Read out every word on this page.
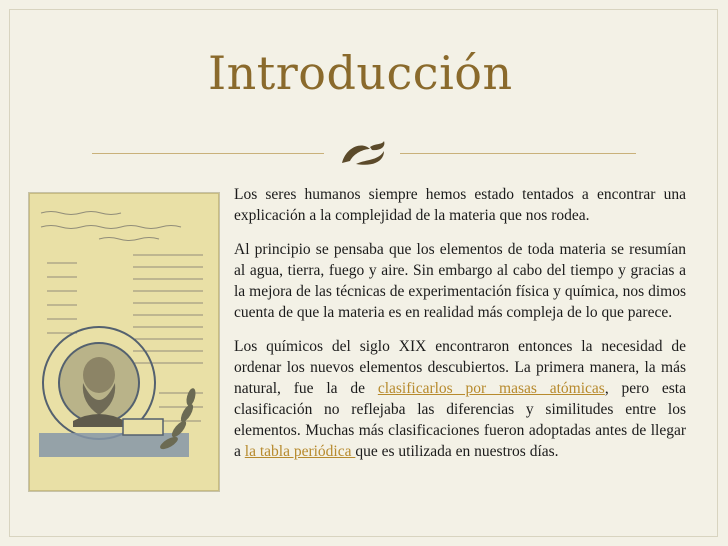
Introducción

Los seres humanos siempre hemos estado tentados a encontrar una explicación a la complejidad de la materia que nos rodea.

Al principio se pensaba que los elementos de toda materia se resumían al agua, tierra, fuego y aire. Sin embargo al cabo del tiempo y gracias a la mejora de las técnicas de experimentación física y química, nos dimos cuenta de que la materia es en realidad más compleja de lo que parece.

Los químicos del siglo XIX encontraron entonces la necesidad de ordenar los nuevos elementos descubiertos. La primera manera, la más natural, fue la de clasificarlos por masas atómicas, pero esta clasificación no reflejaba las diferencias y similitudes entre los elementos. Muchas más clasificaciones fueron adoptadas antes de llegar a la tabla periódica que es utilizada en nuestros días.
